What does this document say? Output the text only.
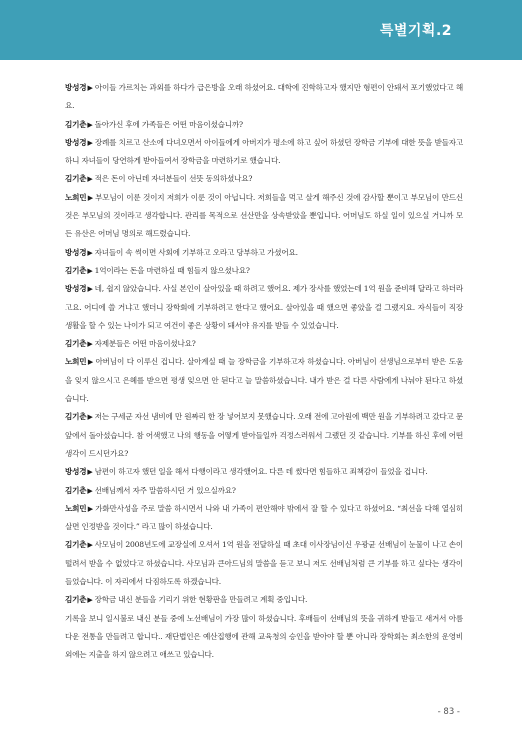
특별기획.2

방성경▶ 아이들 가르치는 과외를 하다가 급은방을 오래 하셨어요. 대학에 진학하고자 했지만 형편이 안돼서 포기했었다고 해요.

김기춘▶ 돌아가신 후에 가족들은 어떤 마음이셨습니까?

방성경▶ 장례를 치르고 산소에 다녀오면서 아이들에게 아버지가 평소에 하고 싶어 하셨던 장학금 기부에 대한 뜻을 받들자고 하니 자녀들이 당연하게 받아들여서 장학금을 마련하기로 했습니다.

김기춘▶ 적은 돈이 아닌데 자녀분들이 선뜻 동의하셨나요?

노희민▶ 부모님이 이룬 것이지 저희가 이룬 것이 아닙니다. 저희들을 먹고 살게 해주신 것에 감사할 뿐이고 부모님이 만드신 것은 부모님의 것이라고 생각합니다. 관리를 목적으로 선산만을 상속받았을 뿐입니다. 어머님도 하실 일이 있으실 거니까 모든 유산은 어머님 명의로 해드렸습니다.

방성경▶ 자녀들이 속 썩이면 사회에 기부하고 오라고 당부하고 가셨어요.

김기춘▶ 1억이라는 돈을 마련하실 때 힘들지 않으셨나요?

방성경▶ 네, 쉽지 않았습니다. 사실 본인이 살아있을 때 하려고 했어요. 제가 장사를 했었는데 1억 원을 준비해 달라고 하더라고요. 어디에 쓸 거냐고 했더니 장학회에 기부하려고 한다고 했어요. 살아있을 때 했으면 좋았을 걸 그랬지요. 자식들이 직장 생활을 할 수 있는 나이가 되고 여건이 좋은 상황이 돼서야 유지를 받들 수 있었습니다.

김기춘▶ 자제분들은 어떤 마음이셨나요?

노희민▶ 아버님이 다 이루신 겁니다. 살아계실 때 늘 장학금을 기부하고자 하셨습니다. 아버님이 선생님으로부터 받은 도움을 잊지 않으시고 은혜를 받으면 평생 잊으면 안 된다고 늘 말씀하셨습니다. 내가 받은 걸 다른 사람에게 나눠야 된다고 하셨습니다.

김기춘▶ 저는 구세군 자선 냄비에 만 원짜리 한 장 넣어보지 못했습니다. 오래 전에 고아원에 백만 원을 기부하려고 갔다고 문 앞에서 돌아섰습니다. 참 어색했고 나의 행동을 어떻게 받아들일까 걱정스러워서 그랬던 것 같습니다. 기부를 하신 후에 어떤 생각이 드시던가요?

방성경▶ 남편이 하고자 했던 일을 해서 다행이라고 생각했어요. 다른 데 썼다면 힘들하고 죄책감이 들었을 겁니다.

김기춘▶ 선배님께서 자주 말씀하시던 거 있으실까요?

노희민▶ 가화만사성을 주로 말씀 하시면서 나와 내 가족이 편안해야 밖에서 잘 할 수 있다고 하셨어요. “최선을 다해 열심히 살면 인정받을 것이다.” 라고 많이 하셨습니다.

김기춘▶ 사모님이 2008년도에 교장실에 오셔서 1억 원을 전달하실 때 초대 이사장님이신 우광균 선배님이 눈물이 나고 손이 떨려서 받을 수 없었다고 하셨습니다. 사모님과 큰아드님의 말씀을 듣고 보니 저도 선배님처럼 큰 기부를 하고 싶다는 생각이 들었습니다. 이 자리에서 다짐하도록 하겠습니다.

김기춘▶ 장학금 내신 분들을 기리기 위한 현황판을 만들려고 계획 중입니다.

기록을 보니 일시불로 내신 분들 중에 노선배님이 가장 많이 하셨습니다. 후배들이 선배님의 뜻을 귀하게 받들고 새겨서 아름다운 전통을 만들려고 합니다.. 재단법인은 예산집행에 관해 교육청의 승인을 받아야 할 뿐 아니라 장학회는 최소한의 운영비 외에는 지출을 하지 않으려고 애쓰고 있습니다.

- 83 -
